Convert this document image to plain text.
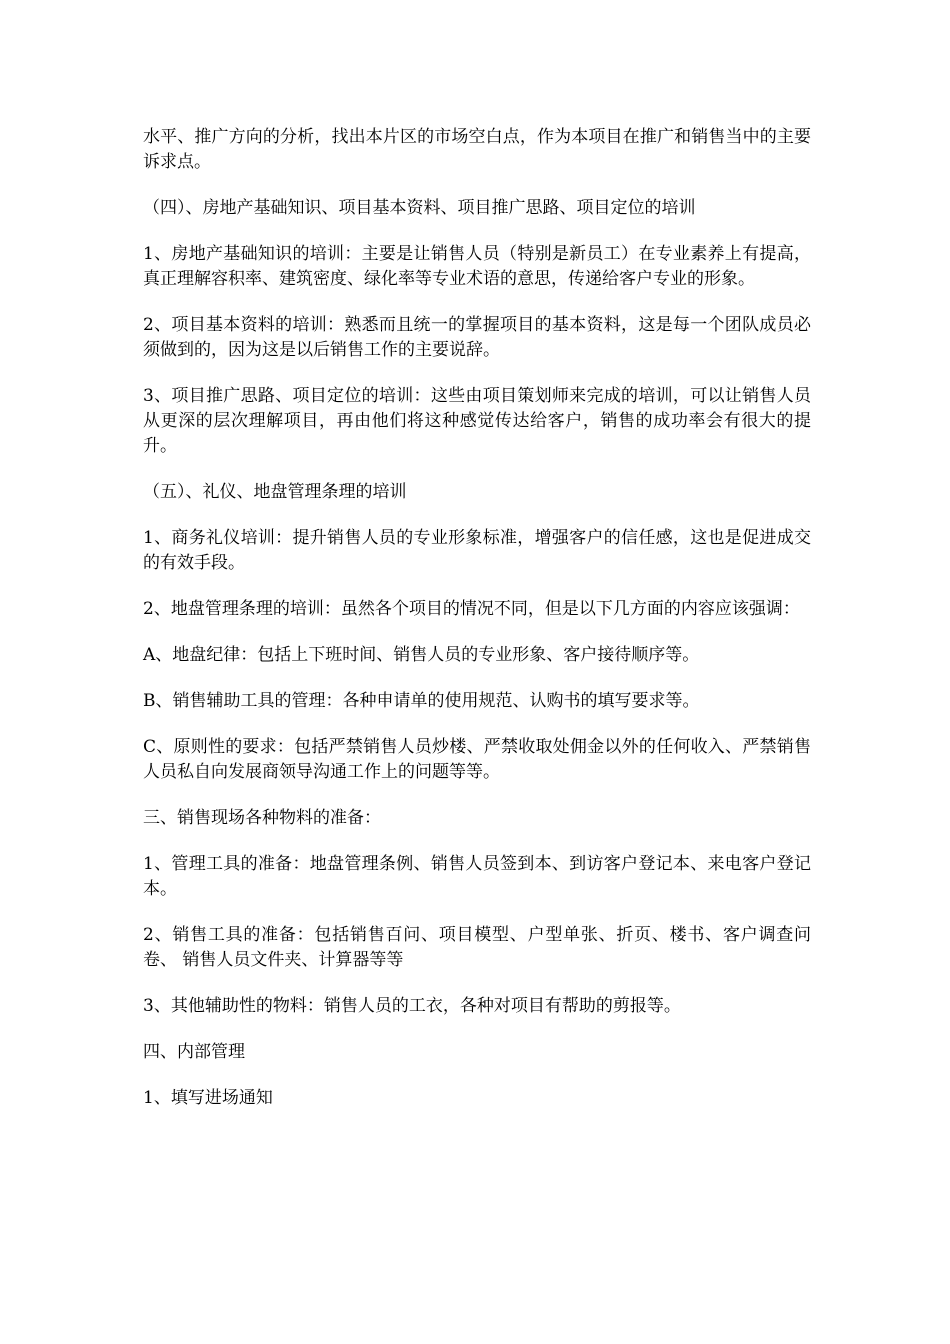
水平、推广方向的分析，找出本片区的市场空白点，作为本项目在推广和销售当中的主要诉求点。

（四）、房地产基础知识、项目基本资料、项目推广思路、项目定位的培训

1、房地产基础知识的培训：主要是让销售人员（特别是新员工）在专业素养上有提高，真正理解容积率、建筑密度、绿化率等专业术语的意思，传递给客户专业的形象。

2、项目基本资料的培训：熟悉而且统一的掌握项目的基本资料，这是每一个团队成员必须做到的，因为这是以后销售工作的主要说辞。

3、项目推广思路、项目定位的培训：这些由项目策划师来完成的培训，可以让销售人员从更深的层次理解项目，再由他们将这种感觉传达给客户，销售的成功率会有很大的提升。

（五）、礼仪、地盘管理条理的培训

1、商务礼仪培训：提升销售人员的专业形象标准，增强客户的信任感，这也是促进成交的有效手段。

2、地盘管理条理的培训：虽然各个项目的情况不同，但是以下几方面的内容应该强调：

A、地盘纪律：包括上下班时间、销售人员的专业形象、客户接待顺序等。

B、销售辅助工具的管理：各种申请单的使用规范、认购书的填写要求等。

C、原则性的要求：包括严禁销售人员炒楼、严禁收取处佣金以外的任何收入、严禁销售人员私自向发展商领导沟通工作上的问题等等。

三、销售现场各种物料的准备：

1、管理工具的准备：地盘管理条例、销售人员签到本、到访客户登记本、来电客户登记本。

2、销售工具的准备：包括销售百问、项目模型、户型单张、折页、楼书、客户调查问卷、 销售人员文件夹、计算器等等

3、其他辅助性的物料：销售人员的工衣，各种对项目有帮助的剪报等。

四、内部管理

1、填写进场通知
